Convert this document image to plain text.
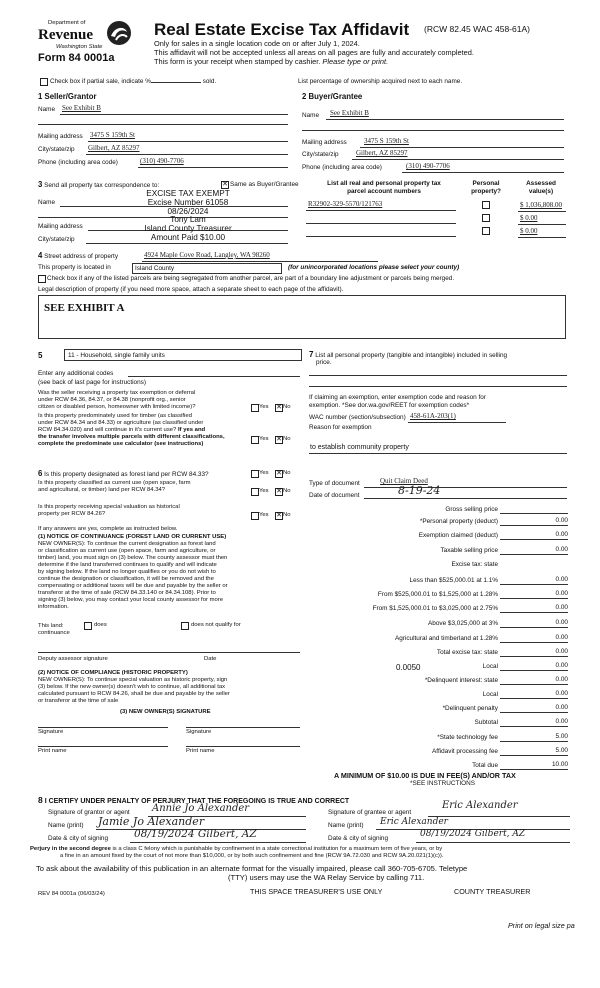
Department of
Revenue
Washington State
Form 84 0001a
Real Estate Excise Tax Affidavit (RCW 82.45 WAC 458-61A)
Only for sales in a single location code on or after July 1, 2024.
This affidavit will not be accepted unless all areas on all pages are fully and accurately completed.
This form is your receipt when stamped by cashier. Please type or print.
Check box if partial sale, indicate %	sold.	List percentage of ownership acquired next to each name.
1 Seller/Grantor
Name See Exhibit B
Mailing address 3475 S 159th St
City/state/zip Gilbert, AZ 85297
Phone (including area code)	(310) 490-7706
2 Buyer/Grantee
Name See Exhibit B
Mailing address 3475 S 159th St
City/state/zip Gilbert, AZ 85297
Phone (including area code)	(310) 490-7706
3 Send all property tax correspondence to:	✕ Same as Buyer/Grantee
Name
Mailing address
City/state/zip
EXCISE TAX EXEMPT
Excise Number 61058
08/26/2024
Tony Lam
Island County Treasurer
Amount Paid $10.00
List all real and personal property tax
parcel account numbers
Personal
property?
Assessed
value(s)
R32902-329-5570/121763	$ 1,036,808.00
$ 0.00
$ 0.00
4 Street address of property	4924 Maple Cove Road, Langley, WA 98260
This property is located in	Island County	(for unincorporated locations please select your county)
Check box if any of the listed parcels are being segregated from another parcel, are part of a boundary line adjustment or parcels being merged.
Legal description of property (if you need more space, attach a separate sheet to each page of the affidavit).
SEE EXHIBIT A
5	11 - Household, single family units
Enter any additional codes
(see back of last page for instructions)
Was the seller receiving a property tax exemption or deferral
under RCW 84.36, 84.37, or 84.38 (nonprofit org., senior
citizen or disabled person, homeowner with limited income)?	Yes ✕ No
Is this property predominately used for timber (as classified
under RCW 84.34 and 84.33) or agriculture (as classified under
RCW 84.34.020) and will continue in it's current use? If yes and
Yes ✕ No
the transfer involves multiple parcels with different classifications,
complete the predominate use calculator (see instructions)
6 Is this property designated as forest land per RCW 84.33?	Yes ✕ No
Is this property classified as current use (open space, farm
and agricultural, or timber) land per RCW 84.34?	Yes ✕ No
Is this property receiving special valuation as historical
property per RCW 84.26?	Yes ✕ No
If any answers are yes, complete as instructed below.
(1) NOTICE OF CONTINUANCE (FOREST LAND OR CURRENT USE)
NEW OWNER(S): To continue the current designation as forest land
or classification as current use (open space, farm and agriculture, or
timber) land, you must sign on (3) below. The county assessor must then
determine if the land transferred continues to qualify and will indicate
by signing below. If the land no longer qualifies or you do not wish to
continue the designation or classification, it will be removed and the
compensating or additional taxes will be due and payable by the seller or
transferor at the time of sale (RCW 84.33.140 or 84.34.108). Prior to
signing (3) below, you may contact your local county assessor for more
information.
This land:
continuance
does	does not qualify for
Deputy assessor signature	Date
(2) NOTICE OF COMPLIANCE (HISTORIC PROPERTY)
NEW OWNER(S): To continue special valuation as historic property, sign
(3) below. If the new owner(s) doesn't wish to continue, all additional tax
calculated pursuant to RCW 84.26, shall be due and payable by the seller
or transferor at the time of sale
(3) NEW OWNER(S) SIGNATURE
Signature	Signature
Print name	Print name
7 List all personal property (tangible and intangible) included in selling
price.
If claiming an exemption, enter exemption code and reason for
exemption. *See dor.wa.gov/REET for exemption codes*
WAC number (section/subsection) 458-61A-203(1)
Reason for exemption
to establish community property
Type of document	Quit Claim Deed
Date of document	8-19-24
Gross selling price
*Personal property (deduct)	0.00
Exemption claimed (deduct)	0.00
Taxable selling price	0.00
Excise tax: state
Less than $525,000.01 at 1.1%	0.00
From $525,000.01 to $1,525,000 at 1.28%	0.00
From $1,525,000.01 to $3,025,000 at 2.75%	0.00
Above $3,025,000 at 3%	0.00
Agricultural and timberland at 1.28%	0.00
Total excise tax: state	0.00
0.0050	Local	0.00
*Delinquent interest: state	0.00
Local	0.00
*Delinquent penalty	0.00
Subtotal	0.00
*State technology fee	5.00
Affidavit processing fee	5.00
Total due	10.00
A MINIMUM OF $10.00 IS DUE IN FEE(S) AND/OR TAX
*SEE INSTRUCTIONS
8 I CERTIFY UNDER PENALTY OF PERJURY THAT THE FOREGOING IS TRUE AND CORRECT
Signature of grantor or agent Annie Jo Alexander
Name (print) Jamie Jo Alexander
Date & city of signing 08/19/2024 Gilbert, AZ
Signature of grantee or agent
Eric Alexander
Name (print) Eric Alexander
Date & city of signing	08/19/2024 Gilbert, AZ
Perjury in the second degree is a class C felony which is punishable by confinement in a state correctional institution for a maximum term of five years, or by
a fine in an amount fixed by the court of not more than $10,000, or by both such confinement and fine (RCW 9A.72.030 and RCW 9A.20.021(1)(c)).
To ask about the availability of this publication in an alternate format for the visually impaired, please call 360-705-6705. Teletype
(TTY) users may use the WA Relay Service by calling 711.
REV 84 0001a (06/03/24)	THIS SPACE TREASURER'S USE ONLY	COUNTY TREASURER
Print on legal size pa
